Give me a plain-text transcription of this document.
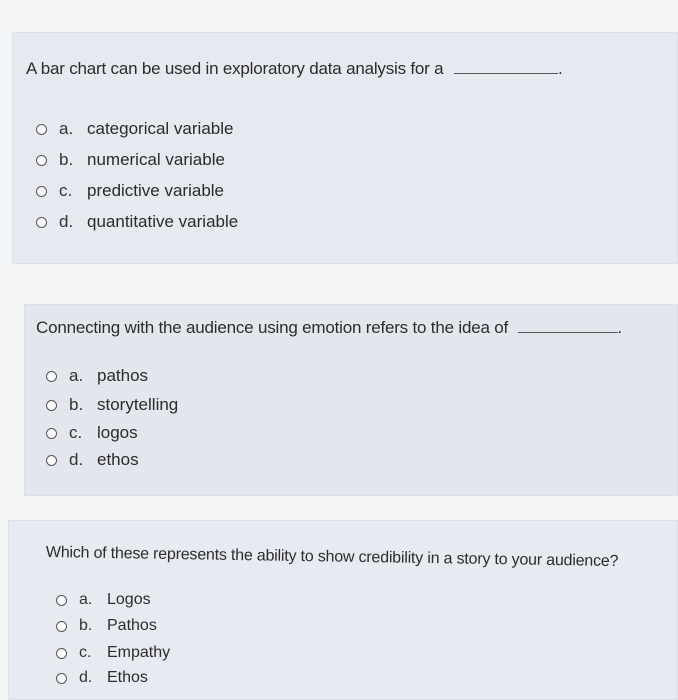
A bar chart can be used in exploratory data analysis for a	.
a. categorical variable
b. numerical variable
c. predictive variable
d. quantitative variable
Connecting with the audience using emotion refers to the idea of	.
a. pathos
b. storytelling
c. logos
d. ethos
Which of these represents the ability to show credibility in a story to your audience?
a. Logos
b. Pathos
c. Empathy
d. Ethos
